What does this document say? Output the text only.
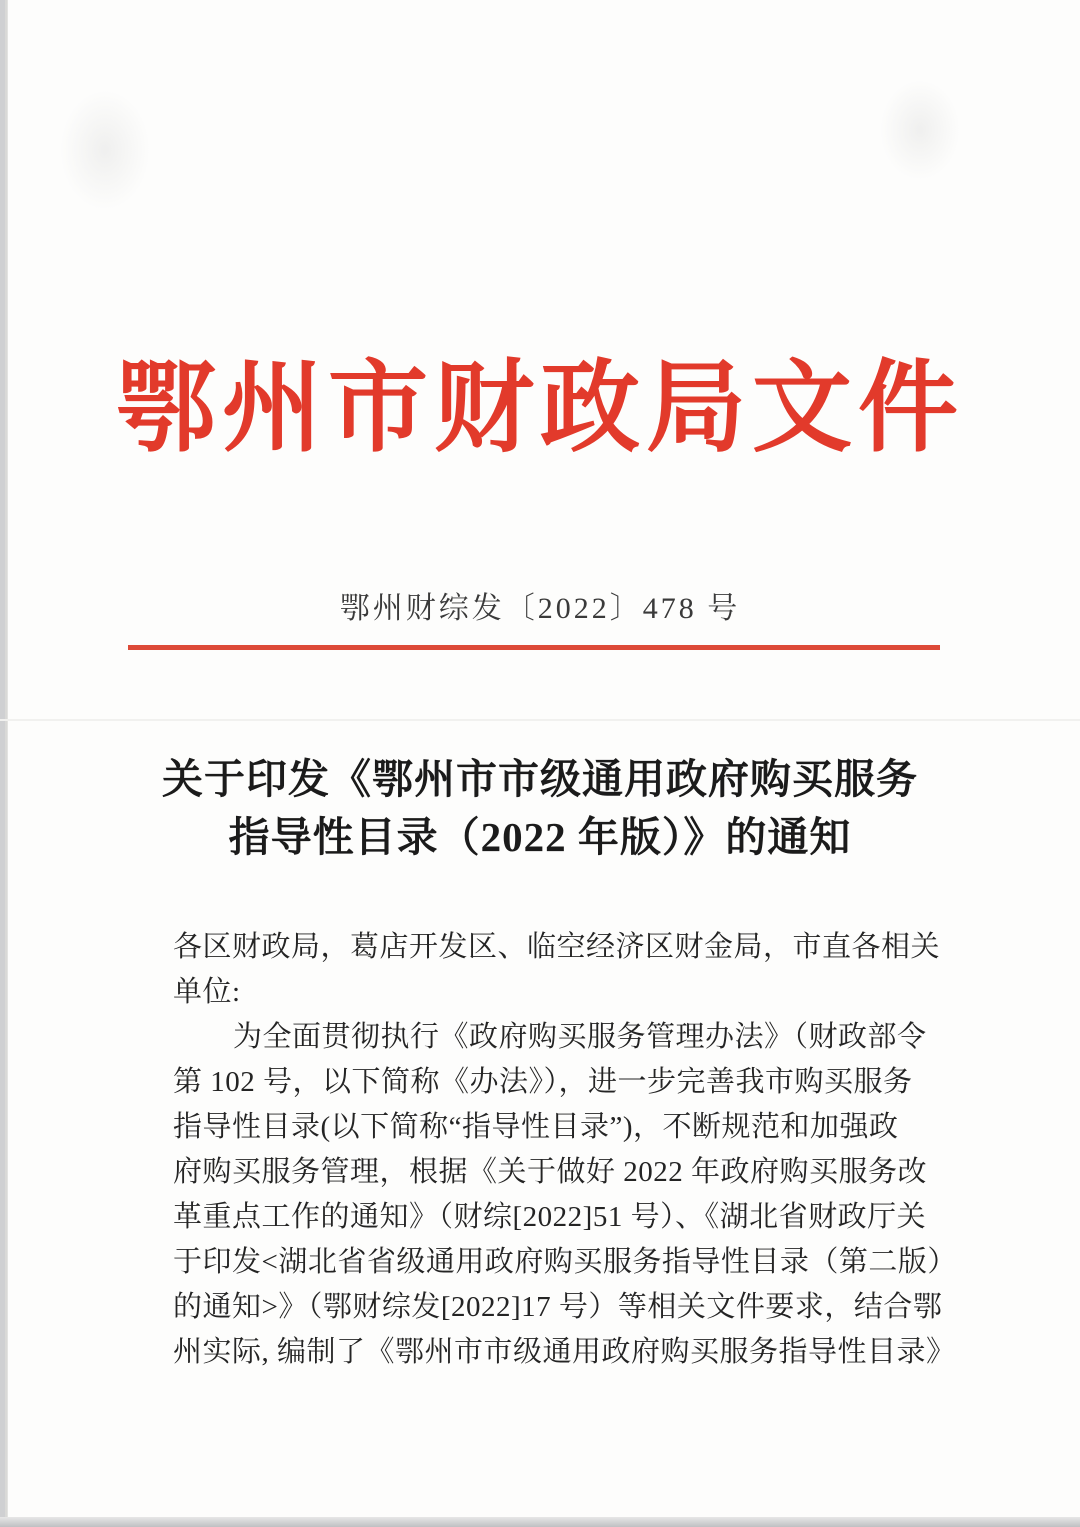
鄂州市财政局文件
鄂州财综发〔2022〕478 号
关于印发《鄂州市市级通用政府购买服务
指导性目录（2022 年版）》的通知
各区财政局，葛店开发区、临空经济区财金局，市直各相关
单位:
为全面贯彻执行《政府购买服务管理办法》（财政部令
第 102 号，以下简称《办法》），进一步完善我市购买服务
指导性目录(以下简称“指导性目录”)，不断规范和加强政
府购买服务管理，根据《关于做好 2022 年政府购买服务改
革重点工作的通知》（财综[2022]51 号）、《湖北省财政厅关
于印发<湖北省省级通用政府购买服务指导性目录（第二版）
的通知>》（鄂财综发[2022]17 号）等相关文件要求，结合鄂
州实际, 编制了《鄂州市市级通用政府购买服务指导性目录》
